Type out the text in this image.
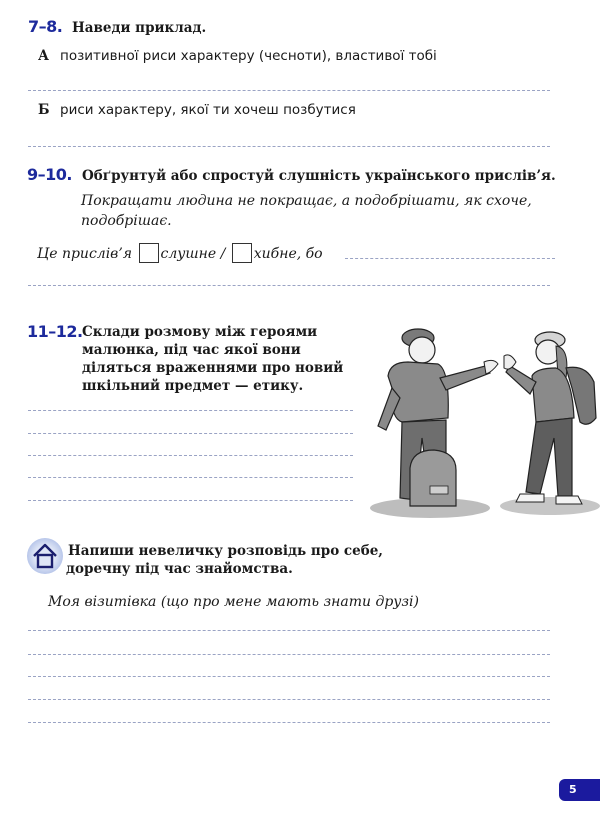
7–8. Наведи приклад.
А позитивної риси характеру (чесноти), властивої тобі
Б риси характеру, якої ти хочеш позбутися
9–10. Обґрунтуй або спростуй слушність українського прислів’я.
Покращати людина не покращає, а подобрішати, як схоче,
подобрішає.
Це прислів’я слушне / хибне, бо
11–12. Склади розмову між героями
малюнка, під час якої вони
діляться враженнями про новий
шкільний предмет — етику.
Напиши невеличку розповідь про себе,
доречну під час знайомства.
Моя візитівка (що про мене мають знати друзі)
5
